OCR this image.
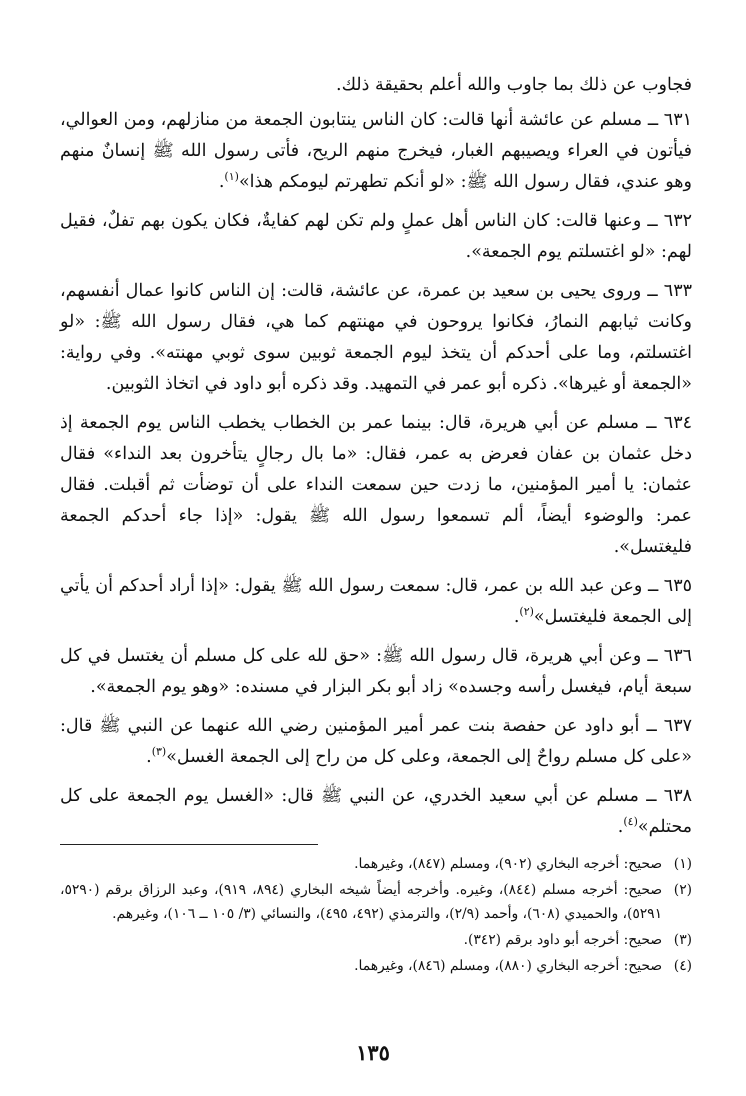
فجاوب عن ذلك بما جاوب والله أعلم بحقيقة ذلك.

٦٣١ ــ مسلم عن عائشة أنها قالت: كان الناس ينتابون الجمعة من منازلهم، ومن العوالي، فيأتون في العراء ويصيبهم الغبار، فيخرج منهم الريح، فأتى رسول الله ﷺ إنسانٌ منهم وهو عندي، فقال رسول الله ﷺ: «لو أنكم تطهرتم ليومكم هذا»$^{(١)}$.

٦٣٢ ــ وعنها قالت: كان الناس أهل عملٍ ولم تكن لهم كفايةٌ، فكان يكون بهم تفلٌ، فقيل لهم: «لو اغتسلتم يوم الجمعة».

٦٣٣ ــ وروى يحيى بن سعيد بن عمرة، عن عائشة، قالت: إن الناس كانوا عمال أنفسهم، وكانت ثيابهم النمارُ، فكانوا يروحون في مهنتهم كما هي، فقال رسول الله ﷺ: «لو اغتسلتم، وما على أحدكم أن يتخذ ليوم الجمعة ثوبين سوى ثوبي مهنته». وفي رواية: «الجمعة أو غيرها». ذكره أبو عمر في التمهيد. وقد ذكره أبو داود في اتخاذ الثوبين.

٦٣٤ ــ مسلم عن أبي هريرة، قال: بينما عمر بن الخطاب يخطب الناس يوم الجمعة إذ دخل عثمان بن عفان فعرض به عمر، فقال: «ما بال رجالٍ يتأخرون بعد النداء» فقال عثمان: يا أمير المؤمنين، ما زدت حين سمعت النداء على أن توضأت ثم أقبلت. فقال عمر: والوضوء أيضاً، ألم تسمعوا رسول الله ﷺ يقول: «إذا جاء أحدكم الجمعة فليغتسل».

٦٣٥ ــ وعن عبد الله بن عمر، قال: سمعت رسول الله ﷺ يقول: «إذا أراد أحدكم أن يأتي إلى الجمعة فليغتسل»$^{(٢)}$.

٦٣٦ ــ وعن أبي هريرة، قال رسول الله ﷺ: «حق لله على كل مسلم أن يغتسل في كل سبعة أيام، فيغسل رأسه وجسده» زاد أبو بكر البزار في مسنده: «وهو يوم الجمعة».

٦٣٧ ــ أبو داود عن حفصة بنت عمر أمير المؤمنين رضي الله عنهما عن النبي ﷺ قال: «على كل مسلم رواحٌ إلى الجمعة، وعلى كل من راح إلى الجمعة الغسل»$^{(٣)}$.

٦٣٨ ــ مسلم عن أبي سعيد الخدري، عن النبي ﷺ قال: «الغسل يوم الجمعة على كل محتلم»$^{(٤)}$.

(١)
صحيح: أخرجه البخاري (٩٠٢)، ومسلم (٨٤٧)، وغيرهما.
(٢)
صحيح: أخرجه مسلم (٨٤٤)، وغيره. وأخرجه أيضاً شيخه البخاري (٨٩٤، ٩١٩)، وعبد الرزاق برقم (٥٢٩٠، ٥٢٩١)، والحميدي (٦٠٨)، وأحمد (٢/٩)، والترمذي (٤٩٢، ٤٩٥)، والنسائي (٣/ ١٠٥ ــ ١٠٦)، وغيرهم.
(٣)
صحيح: أخرجه أبو داود برقم (٣٤٢).
(٤)
صحيح: أخرجه البخاري (٨٨٠)، ومسلم (٨٤٦)، وغيرهما.
١٣٥
